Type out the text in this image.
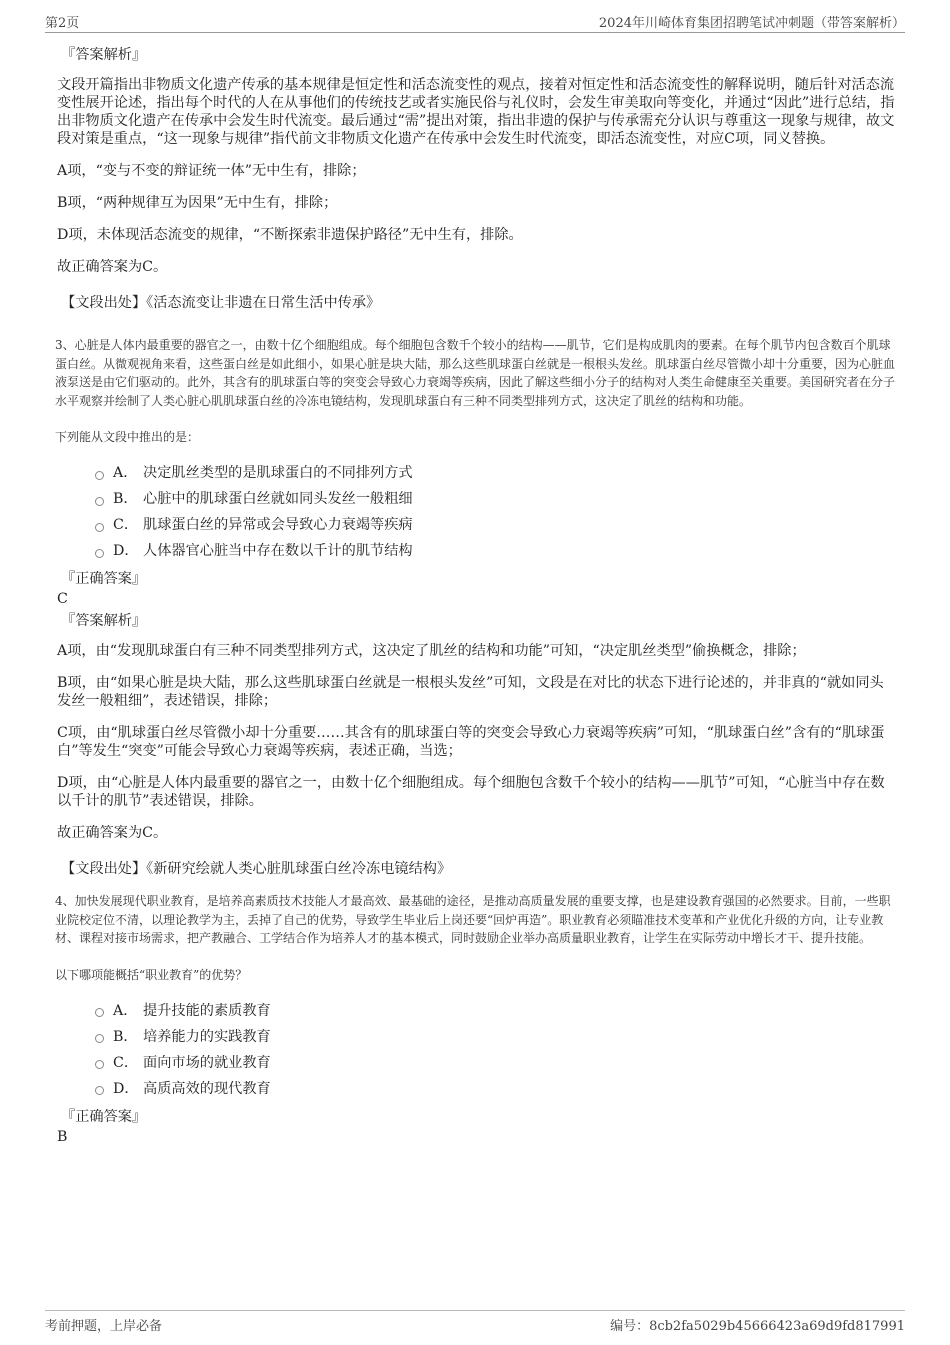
第2页	2024年川崎体育集团招聘笔试冲刺题（带答案解析）
『答案解析』

文段开篇指出非物质文化遗产传承的基本规律是恒定性和活态流变性的观点，接着对恒定性和活态流变性的解释说明，随后针对活态流变性展开论述，指出每个时代的人在从事他们的传统技艺或者实施民俗与礼仪时，会发生审美取向等变化，并通过“因此”进行总结，指出非物质文化遗产在传承中会发生时代流变。最后通过“需”提出对策，指出非遗的保护与传承需充分认识与尊重这一现象与规律，故文段对策是重点，“这一现象与规律”指代前文非物质文化遗产在传承中会发生时代流变，即活态流变性，对应C项，同义替换。

A项，“变与不变的辩证统一体”无中生有，排除；

B项，“两种规律互为因果”无中生有，排除；

D项，未体现活态流变的规律，“不断探索非遗保护路径”无中生有，排除。

故正确答案为C。

【文段出处】《活态流变让非遗在日常生活中传承》

3、心脏是人体内最重要的器官之一，由数十亿个细胞组成。每个细胞包含数千个较小的结构——肌节，它们是构成肌肉的要素。在每个肌节内包含数百个肌球蛋白丝。从微观视角来看，这些蛋白丝是如此细小，如果心脏是块大陆，那么这些肌球蛋白丝就是一根根头发丝。肌球蛋白丝尽管微小却十分重要，因为心脏血液泵送是由它们驱动的。此外，其含有的肌球蛋白等的突变会导致心力衰竭等疾病，因此了解这些细小分子的结构对人类生命健康至关重要。美国研究者在分子水平观察并绘制了人类心脏心肌肌球蛋白丝的冷冻电镜结构，发现肌球蛋白有三种不同类型排列方式，这决定了肌丝的结构和功能。

下列能从文段中推出的是：

A． 决定肌丝类型的是肌球蛋白的不同排列方式
B． 心脏中的肌球蛋白丝就如同头发丝一般粗细
C． 肌球蛋白丝的异常或会导致心力衰竭等疾病
D． 人体器官心脏当中存在数以千计的肌节结构
『正确答案』
C
『答案解析』

A项，由“发现肌球蛋白有三种不同类型排列方式，这决定了肌丝的结构和功能”可知，“决定肌丝类型”偷换概念，排除；

B项，由“如果心脏是块大陆，那么这些肌球蛋白丝就是一根根头发丝”可知，文段是在对比的状态下进行论述的，并非真的“就如同头发丝一般粗细”，表述错误，排除；

C项，由“肌球蛋白丝尽管微小却十分重要……其含有的肌球蛋白等的突变会导致心力衰竭等疾病”可知，“肌球蛋白丝”含有的“肌球蛋白”等发生“突变”可能会导致心力衰竭等疾病，表述正确，当选；

D项，由“心脏是人体内最重要的器官之一，由数十亿个细胞组成。每个细胞包含数千个较小的结构——肌节”可知，“心脏当中存在数以千计的肌节”表述错误，排除。

故正确答案为C。

【文段出处】《新研究绘就人类心脏肌球蛋白丝冷冻电镜结构》

4、加快发展现代职业教育，是培养高素质技术技能人才最高效、最基础的途径，是推动高质量发展的重要支撑，也是建设教育强国的必然要求。目前，一些职业院校定位不清，以理论教学为主，丢掉了自己的优势，导致学生毕业后上岗还要“回炉再造”。职业教育必须瞄准技术变革和产业优化升级的方向，让专业教材、课程对接市场需求，把产教融合、工学结合作为培养人才的基本模式，同时鼓励企业举办高质量职业教育，让学生在实际劳动中增长才干、提升技能。

以下哪项能概括“职业教育”的优势？

A． 提升技能的素质教育
B． 培养能力的实践教育
C． 面向市场的就业教育
D． 高质高效的现代教育
『正确答案』
B
考前押题，上岸必备	编号：8cb2fa5029b45666423a69d9fd817991
